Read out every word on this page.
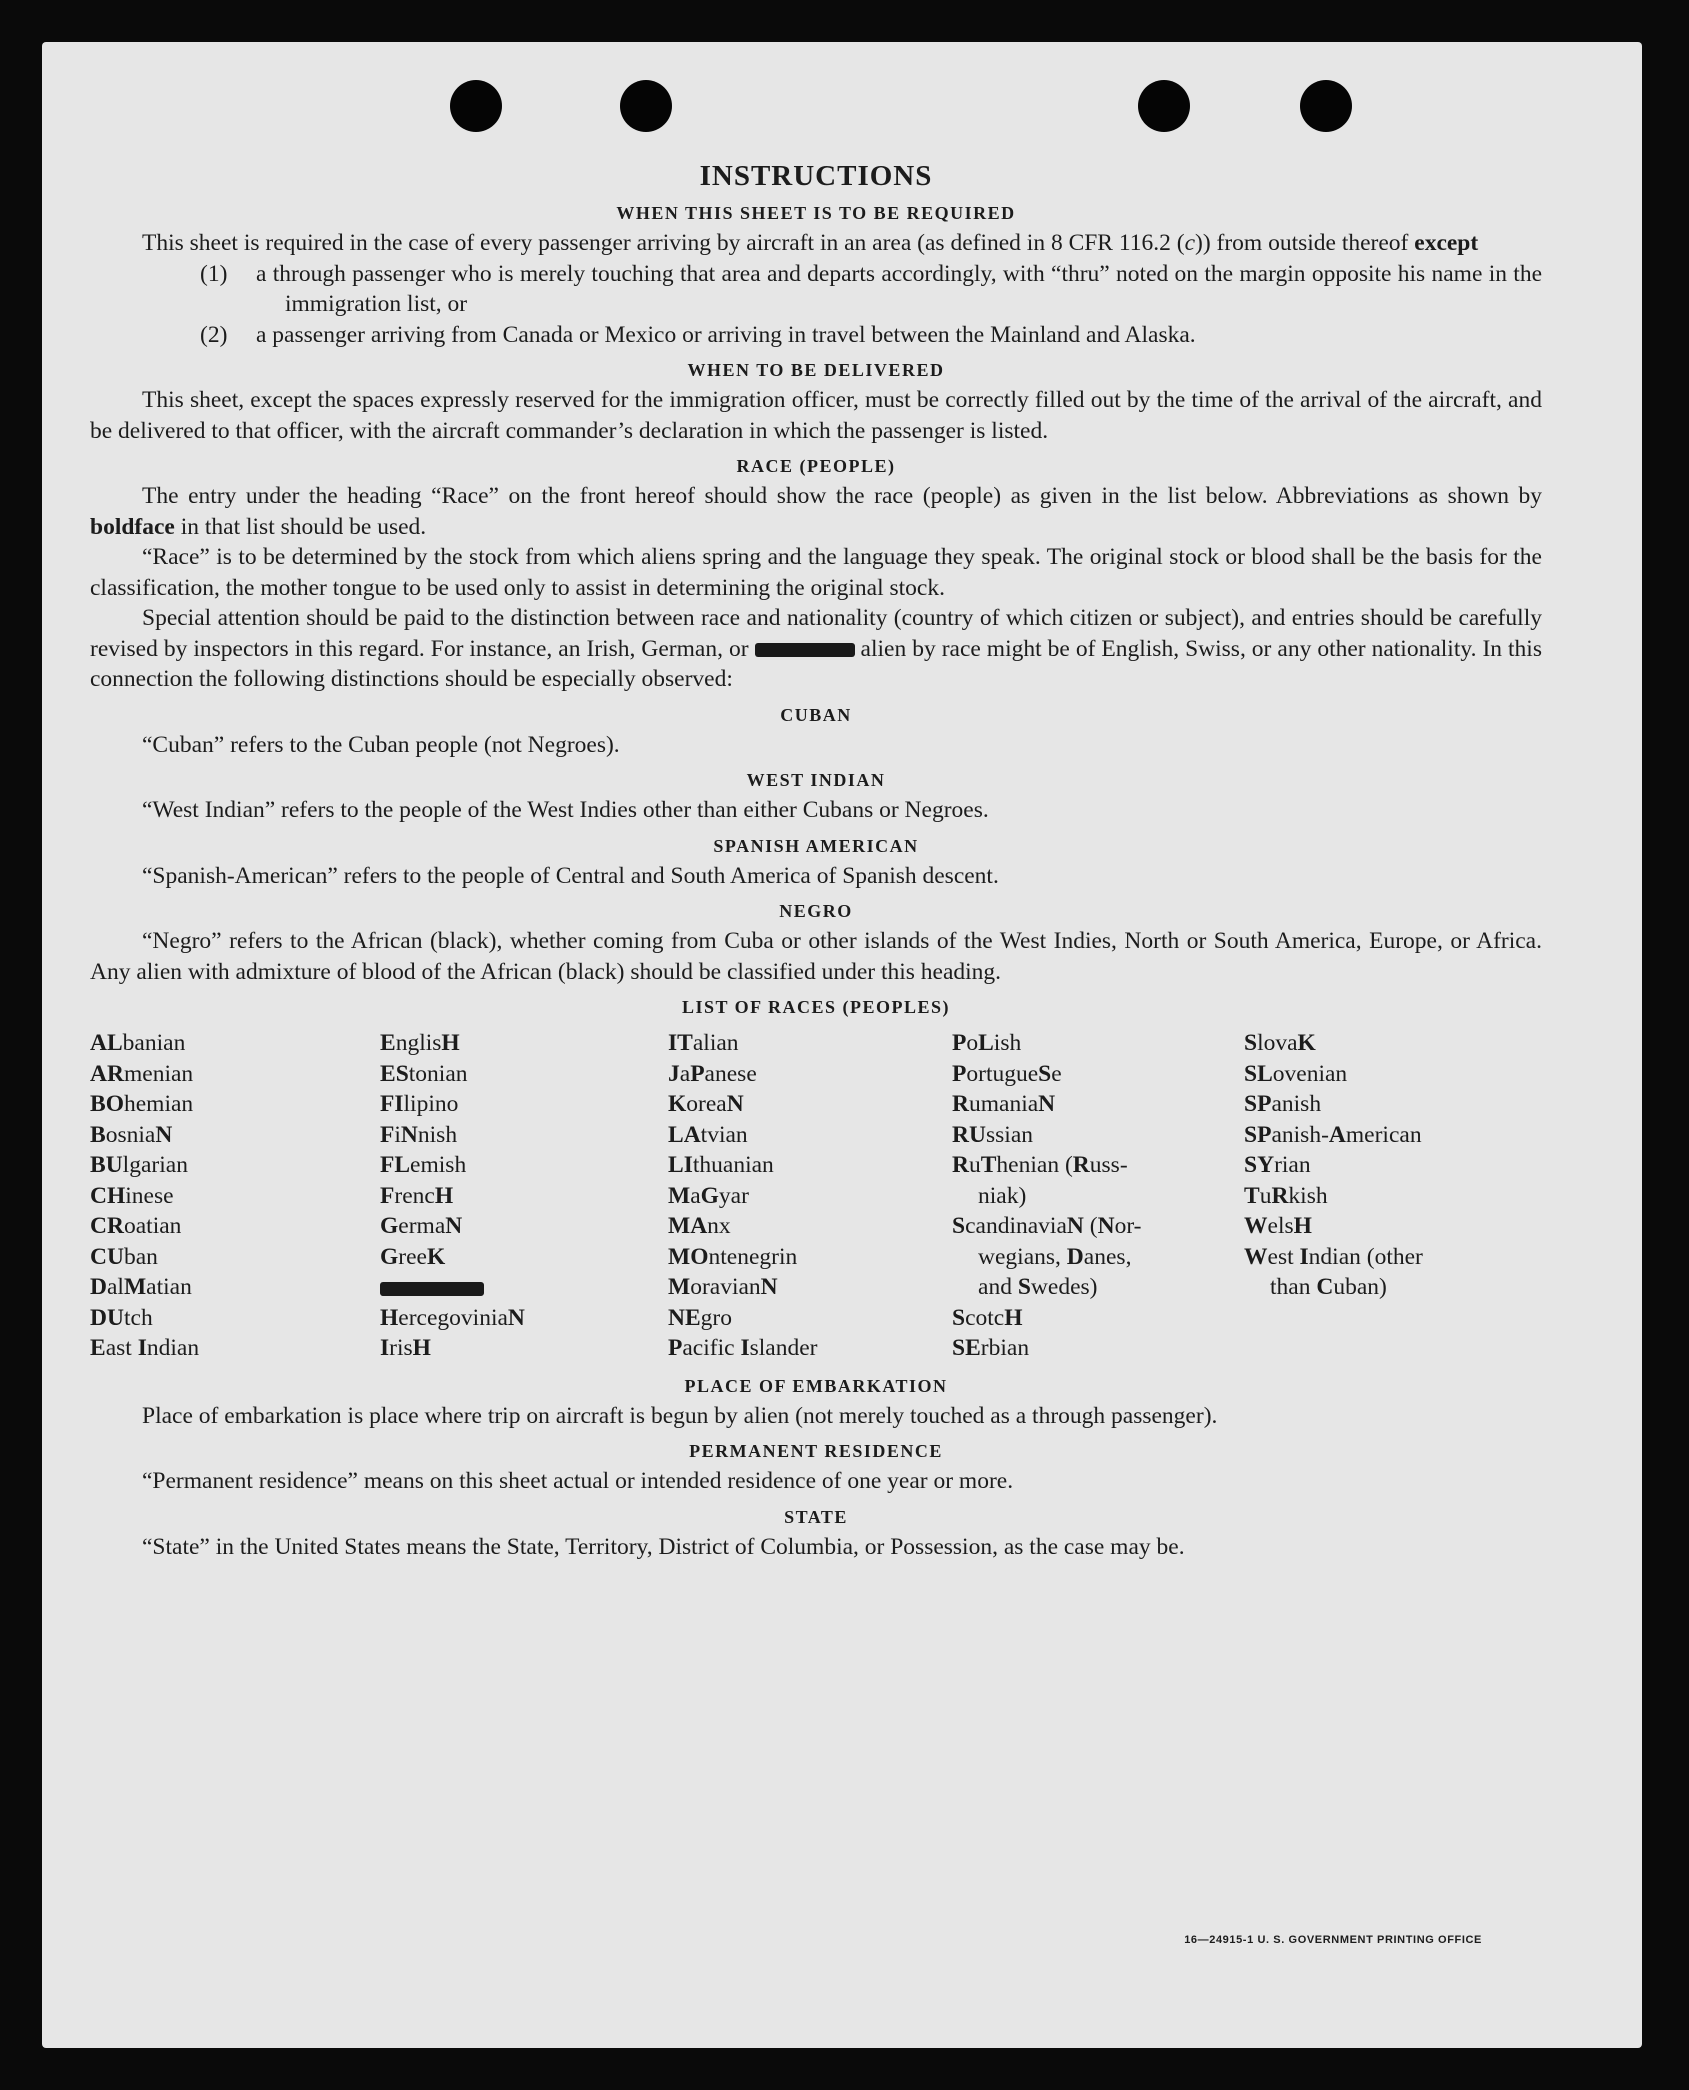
INSTRUCTIONS
WHEN THIS SHEET IS TO BE REQUIRED

This sheet is required in the case of every passenger arriving by aircraft in an area (as defined in 8 CFR 116.2 (c)) from outside thereof except

(1) a through passenger who is merely touching that area and departs accordingly, with “thru” noted on the margin opposite his name in the immigration list, or

(2) a passenger arriving from Canada or Mexico or arriving in travel between the Mainland and Alaska.

WHEN TO BE DELIVERED

This sheet, except the spaces expressly reserved for the immigration officer, must be correctly filled out by the time of the arrival of the aircraft, and be delivered to that officer, with the aircraft commander’s declaration in which the passenger is listed.

RACE (PEOPLE)

The entry under the heading “Race” on the front hereof should show the race (people) as given in the list below. Abbreviations as shown by boldface in that list should be used.

“Race” is to be determined by the stock from which aliens spring and the language they speak. The original stock or blood shall be the basis for the classification, the mother tongue to be used only to assist in determining the original stock.

Special attention should be paid to the distinction between race and nationality (country of which citizen or subject), and entries should be carefully revised by inspectors in this regard. For instance, an Irish, German, or	alien by race might be of English, Swiss, or any other nationality. In this connection the following distinctions should be especially observed:

CUBAN

“Cuban” refers to the Cuban people (not Negroes).

WEST INDIAN

“West Indian” refers to the people of the West Indies other than either Cubans or Negroes.

SPANISH AMERICAN

“Spanish-American” refers to the people of Central and South America of Spanish descent.

NEGRO

“Negro” refers to the African (black), whether coming from Cuba or other islands of the West Indies, North or South America, Europe, or Africa. Any alien with admixture of blood of the African (black) should be classified under this heading.

LIST OF RACES (PEOPLES)
ALbanian
ARmenian
BOhemian
BosniaN
BUlgarian
CHinese
CRoatian
CUban
DalMatian
DUtch
East Indian
EnglisH
EStonian
FIlipino
FiNnish
FLemish
FrencH
GermaN
GreeK
HercegoviniaN
IrisH
ITalian
JaPanese
KoreaN
LAtvian
LIthuanian
MaGyar
MAnx
MOntenegrin
MoravianN
NEgro
Pacific Islander
PoLish
PortugueSe
RumaniaN
RUssian
RuThenian (Russ-
niak)
ScandinaviaN (Nor-
wegians, Danes,
and Swedes)
ScotcH
SErbian
SlovaK
SLovenian
SPanish
SPanish-American
SYrian
TuRkish
WelsH
West Indian (other
than Cuban)
PLACE OF EMBARKATION

Place of embarkation is place where trip on aircraft is begun by alien (not merely touched as a through passenger).

PERMANENT RESIDENCE

“Permanent residence” means on this sheet actual or intended residence of one year or more.

STATE

“State” in the United States means the State, Territory, District of Columbia, or Possession, as the case may be.

16—24915-1 U. S. GOVERNMENT PRINTING OFFICE
